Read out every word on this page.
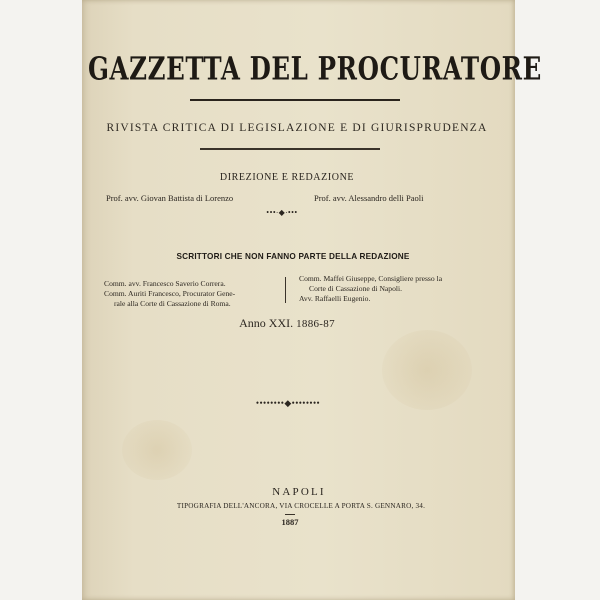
GAZZETTA DEL PROCURATORE
RIVISTA CRITICA DI LEGISLAZIONE E DI GIURISPRUDENZA
DIREZIONE E REDAZIONE
Prof. avv. Giovan Battista di Lorenzo	Prof. avv. Alessandro delli Paoli
•••∙◆∙•••
SCRITTORI CHE NON FANNO PARTE DELLA REDAZIONE
Comm. avv. Francesco Saverio Correra.
Comm. Auriti Francesco, Procurator Gene-
rale alla Corte di Cassazione di Roma.
Comm. Maffei Giuseppe, Consigliere presso la
Corte di Cassazione di Napoli.
Avv. Raffaelli Eugenio.
Anno XXI. 1886-87
••••••••◆••••••••
NAPOLI
TIPOGRAFIA DELL'ANCORA, VIA CROCELLE A PORTA S. GENNARO, 34.
1887
